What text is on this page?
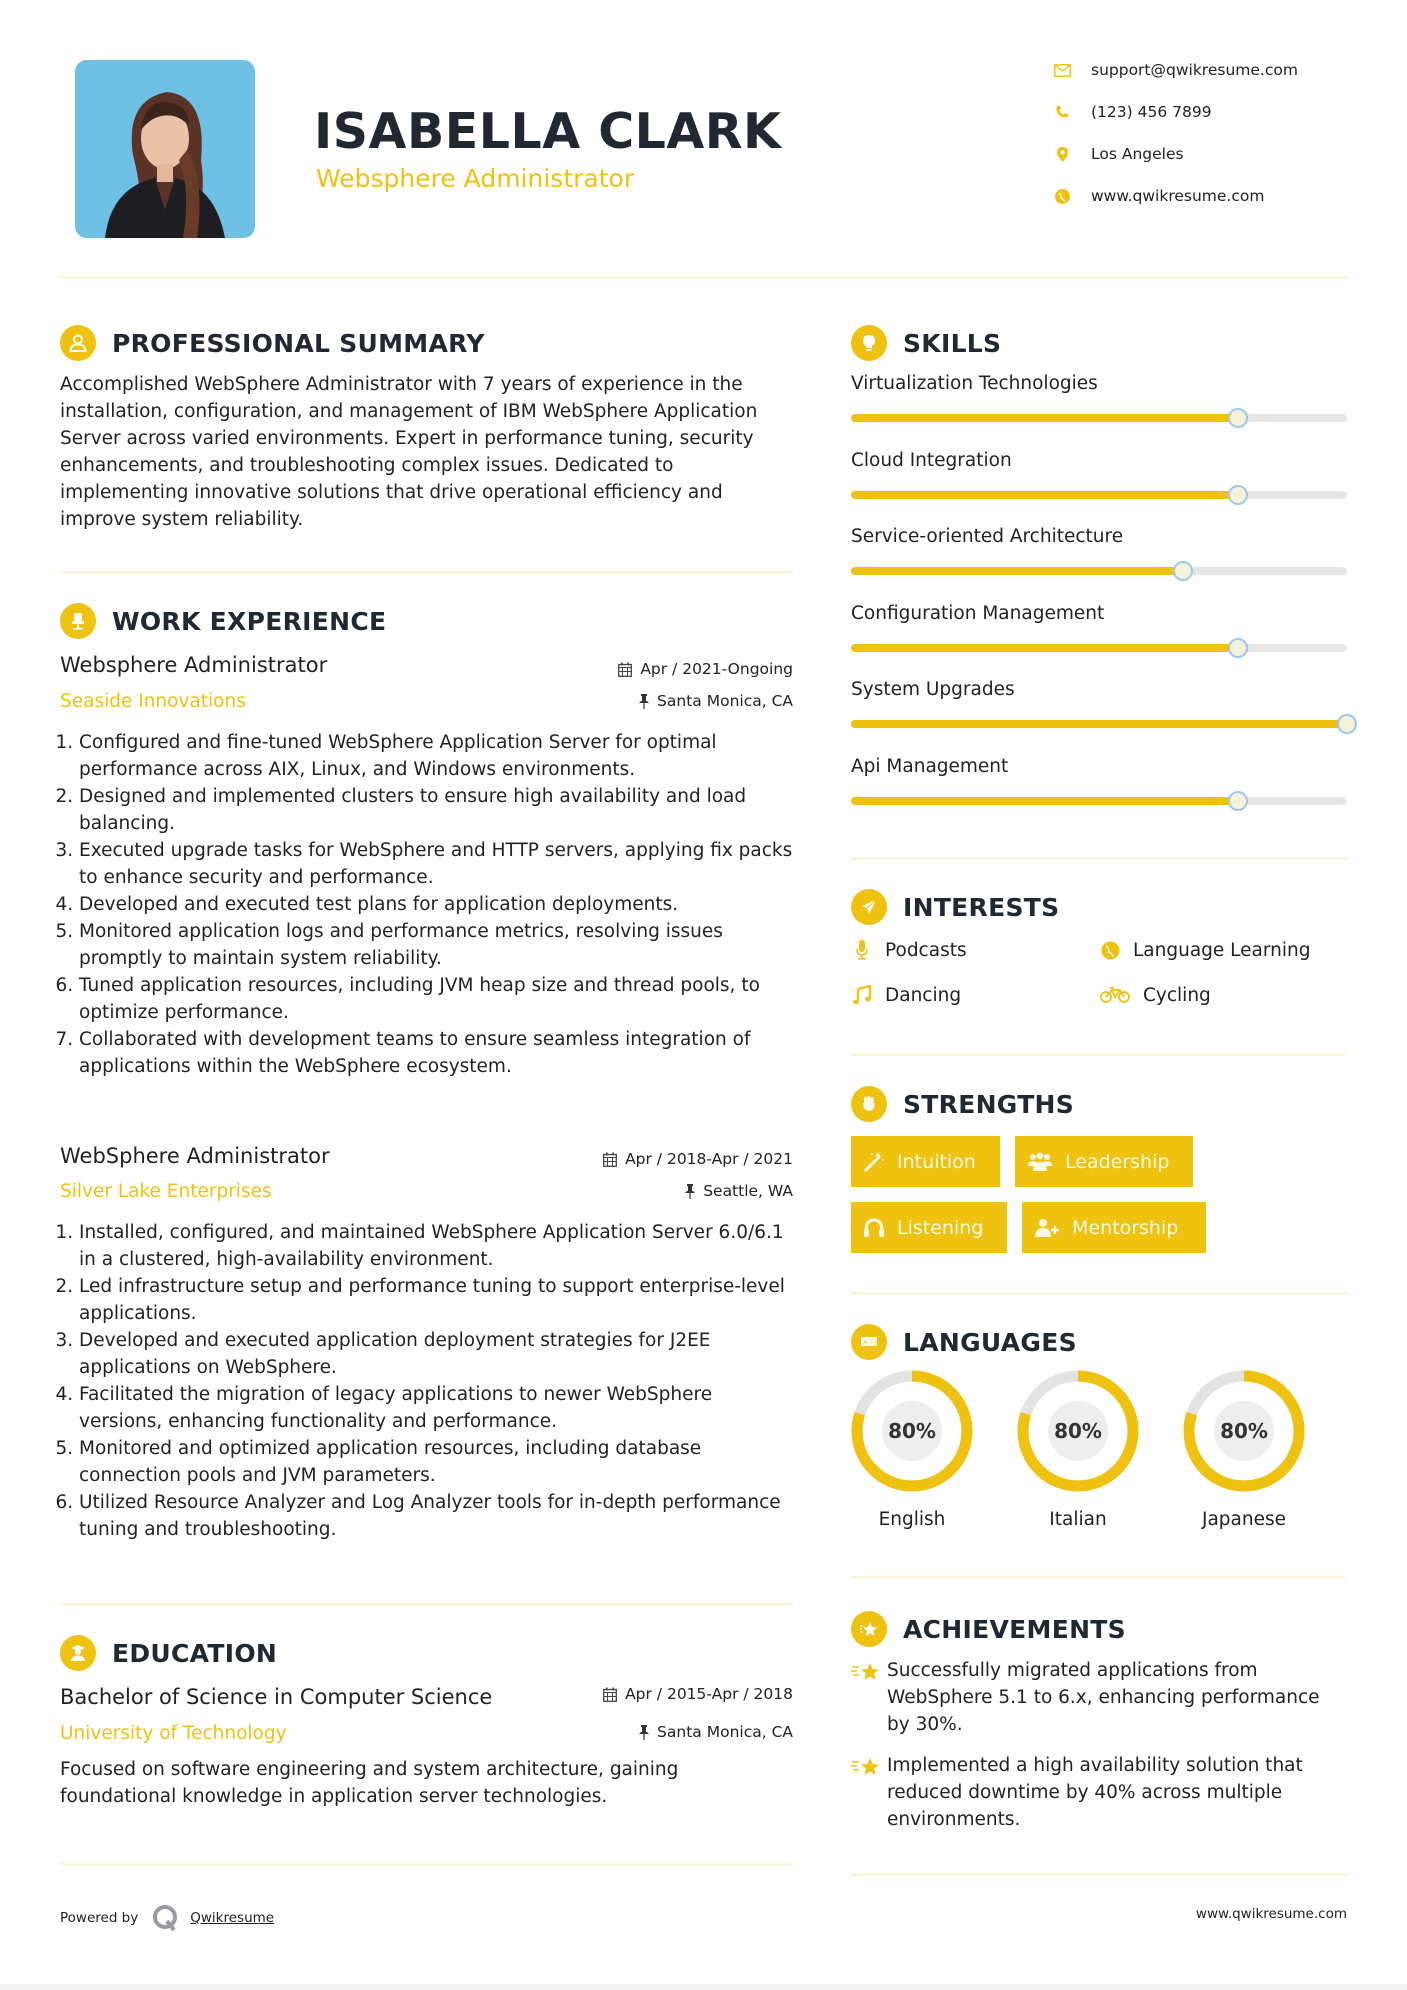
ISABELLA CLARK
Websphere Administrator
support@qwikresume.com
(123) 456 7899
Los Angeles
www.qwikresume.com
PROFESSIONAL SUMMARY

Accomplished WebSphere Administrator with 7 years of experience in the installation, configuration, and management of IBM WebSphere Application Server across varied environments. Expert in performance tuning, security enhancements, and troubleshooting complex issues. Dedicated to implementing innovative solutions that drive operational efficiency and improve system reliability.

WORK EXPERIENCE
Websphere Administrator	Apr / 2021-Ongoing
Seaside Innovations	Santa Monica, CA
1. Configured and fine-tuned WebSphere Application Server for optimal performance across AIX, Linux, and Windows environments.
2. Designed and implemented clusters to ensure high availability and load balancing.
3. Executed upgrade tasks for WebSphere and HTTP servers, applying fix packs to enhance security and performance.
4. Developed and executed test plans for application deployments.
5. Monitored application logs and performance metrics, resolving issues promptly to maintain system reliability.
6. Tuned application resources, including JVM heap size and thread pools, to optimize performance.
7. Collaborated with development teams to ensure seamless integration of applications within the WebSphere ecosystem.
WebSphere Administrator	Apr / 2018-Apr / 2021
Silver Lake Enterprises	Seattle, WA
1. Installed, configured, and maintained WebSphere Application Server 6.0/6.1 in a clustered, high-availability environment.
2. Led infrastructure setup and performance tuning to support enterprise-level applications.
3. Developed and executed application deployment strategies for J2EE applications on WebSphere.
4. Facilitated the migration of legacy applications to newer WebSphere versions, enhancing functionality and performance.
5. Monitored and optimized application resources, including database connection pools and JVM parameters.
6. Utilized Resource Analyzer and Log Analyzer tools for in-depth performance tuning and troubleshooting.
EDUCATION
Bachelor of Science in Computer Science	Apr / 2015-Apr / 2018
University of Technology	Santa Monica, CA

Focused on software engineering and system architecture, gaining foundational knowledge in application server technologies.

SKILLS
Virtualization Technologies
Cloud Integration
Service-oriented Architecture
Configuration Management
System Upgrades
Api Management
INTERESTS
Podcasts	Language Learning
Dancing	Cycling
STRENGTHS
Intuition	Leadership
Listening	Mentorship
A LANGUAGES
80%
English
80%
Italian
80%
Japanese
ACHIEVEMENTS
Successfully migrated applications from WebSphere 5.1 to 6.x, enhancing performance by 30%.
Implemented a high availability solution that reduced downtime by 40% across multiple environments.
Powered by	Qwikresume	www.qwikresume.com
